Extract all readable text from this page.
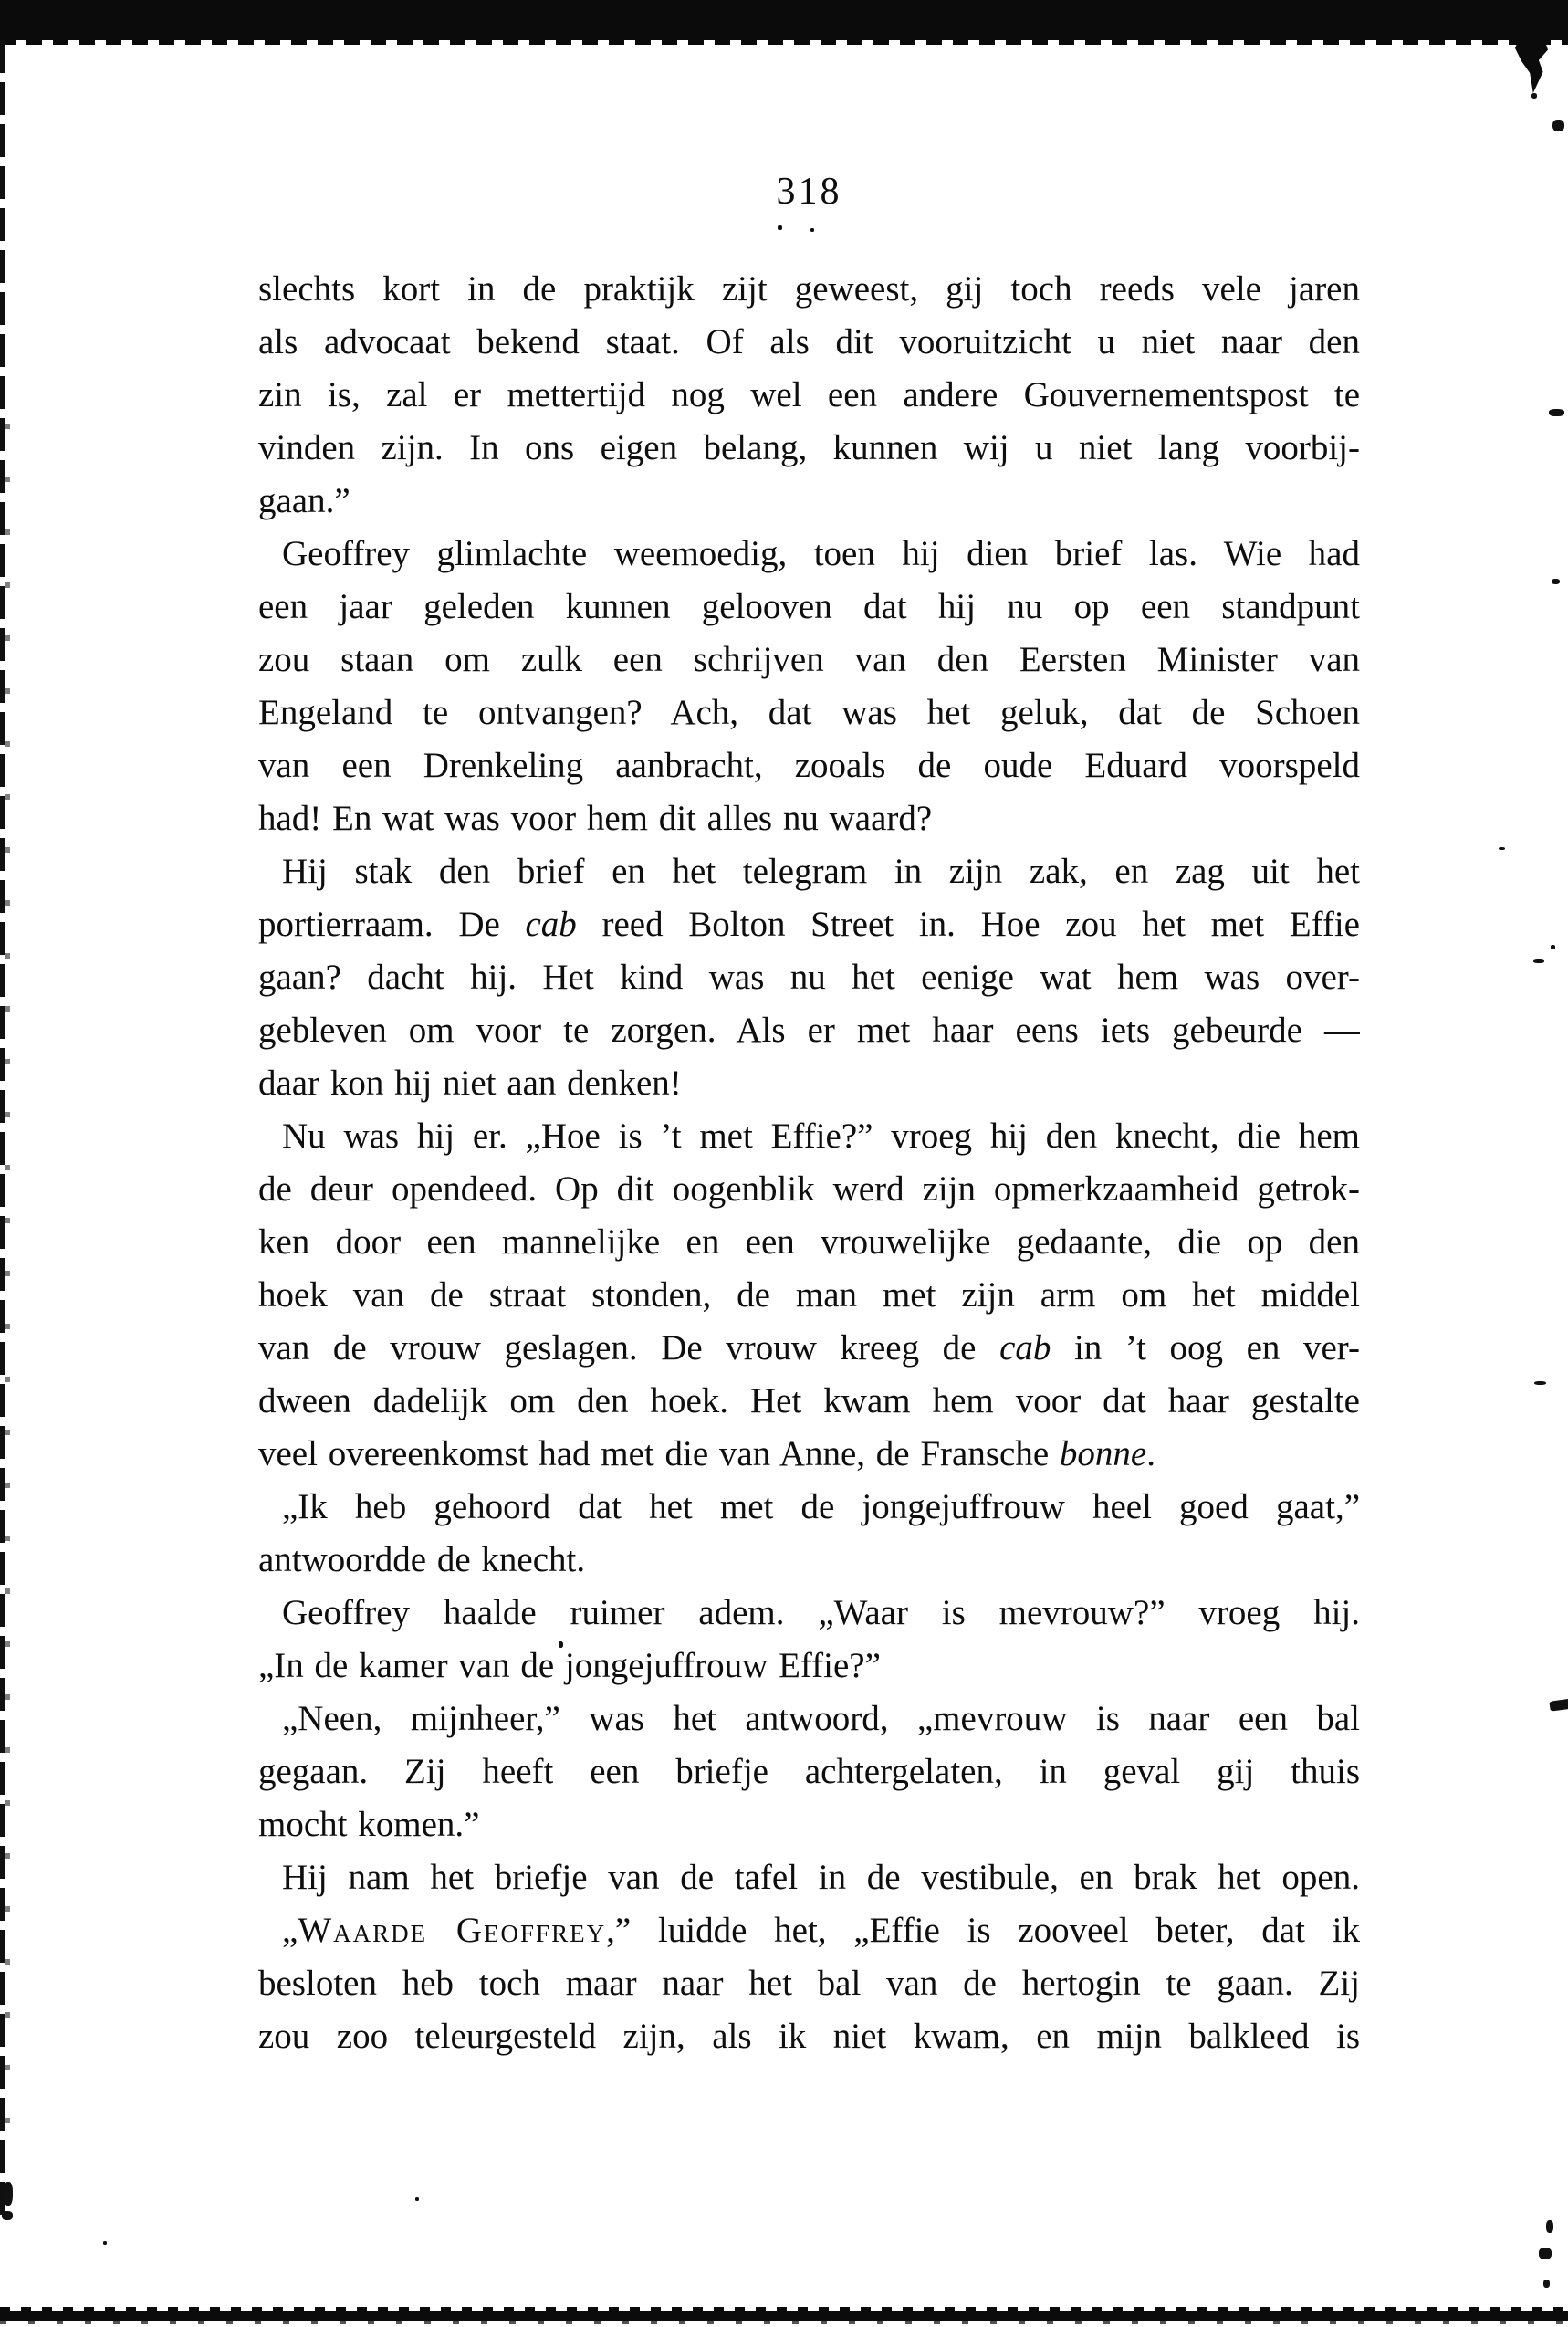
318
slechts kort in de praktijk zijt geweest, gij toch reeds vele jaren
als advocaat bekend staat. Of als dit vooruitzicht u niet naar den
zin is, zal er mettertijd nog wel een andere Gouvernementspost te
vinden zijn. In ons eigen belang, kunnen wij u niet lang voorbij-
gaan.”
Geoffrey glimlachte weemoedig, toen hij dien brief las. Wie had
een jaar geleden kunnen gelooven dat hij nu op een standpunt
zou staan om zulk een schrijven van den Eersten Minister van
Engeland te ontvangen? Ach, dat was het geluk, dat de Schoen
van een Drenkeling aanbracht, zooals de oude Eduard voorspeld
had! En wat was voor hem dit alles nu waard?
Hij stak den brief en het telegram in zijn zak, en zag uit het
portierraam. De cab reed Bolton Street in. Hoe zou het met Effie
gaan? dacht hij. Het kind was nu het eenige wat hem was over-
gebleven om voor te zorgen. Als er met haar eens iets gebeurde —
daar kon hij niet aan denken!
Nu was hij er. „Hoe is ’t met Effie?” vroeg hij den knecht, die hem
de deur opendeed. Op dit oogenblik werd zijn opmerkzaamheid getrok-
ken door een mannelijke en een vrouwelijke gedaante, die op den
hoek van de straat stonden, de man met zijn arm om het middel
van de vrouw geslagen. De vrouw kreeg de cab in ’t oog en ver-
dween dadelijk om den hoek. Het kwam hem voor dat haar gestalte
veel overeenkomst had met die van Anne, de Fransche bonne.
„Ik heb gehoord dat het met de jongejuffrouw heel goed gaat,”
antwoordde de knecht.
Geoffrey haalde ruimer adem. „Waar is mevrouw?” vroeg hij.
„In de kamer van de jongejuffrouw Effie?”
„Neen, mijnheer,” was het antwoord, „mevrouw is naar een bal
gegaan. Zij heeft een briefje achtergelaten, in geval gij thuis
mocht komen.”
Hij nam het briefje van de tafel in de vestibule, en brak het open.
„Waarde Geoffrey,” luidde het, „Effie is zooveel beter, dat ik
besloten heb toch maar naar het bal van de hertogin te gaan. Zij
zou zoo teleurgesteld zijn, als ik niet kwam, en mijn balkleed is
